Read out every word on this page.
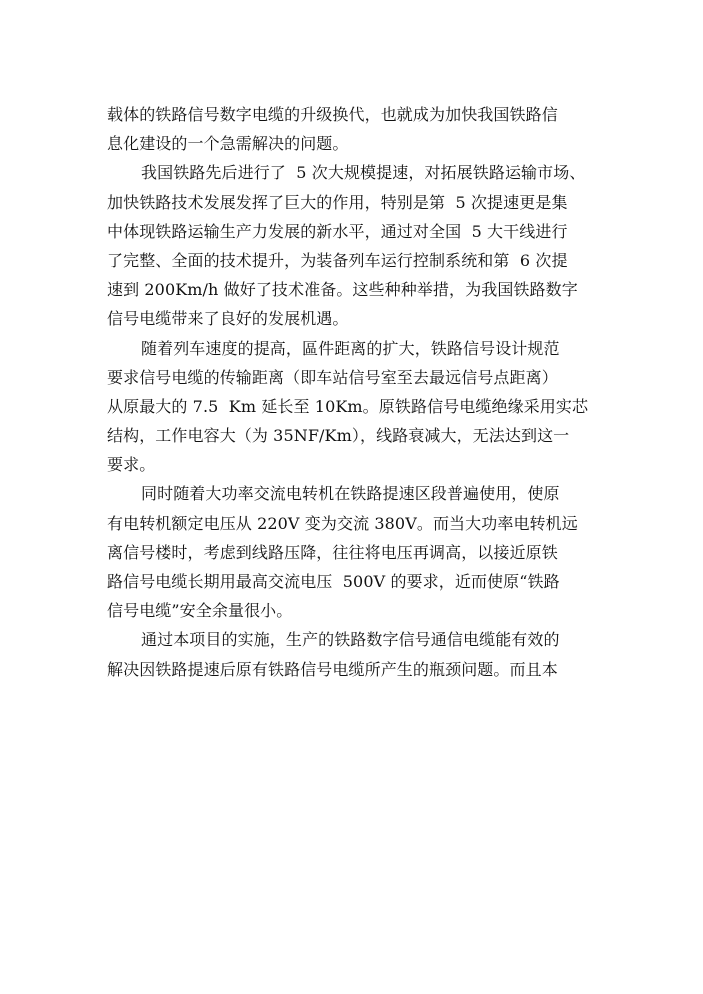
载体的铁路信号数字电缆的升级换代，也就成为加快我国铁路信
息化建设的一个急需解决的问题。

我国铁路先后进行了  5 次大规模提速，对拓展铁路运输市场、
加快铁路技术发展发挥了巨大的作用，特别是第  5 次提速更是集
中体现铁路运输生产力发展的新水平，通过对全国  5 大干线进行
了完整、全面的技术提升，为装备列车运行控制系统和第  6 次提
速到 200Km/h 做好了技术准备。这些种种举措，为我国铁路数字
信号电缆带来了良好的发展机遇。

随着列车速度的提高，區件距离的扩大，铁路信号设计规范
要求信号电缆的传输距离（即车站信号室至去最远信号点距离）
从原最大的 7.5  Km 延长至 10Km。原铁路信号电缆绝缘采用实芯
结构，工作电容大（为 35NF/Km），线路衰减大，无法达到这一
要求。

同时随着大功率交流电转机在铁路提速区段普遍使用，使原
有电转机额定电压从 220V 变为交流 380V。而当大功率电转机远
离信号楼时，考虑到线路压降，往往将电压再调高，以接近原铁
路信号电缆长期用最高交流电压  500V 的要求，近而使原“铁路
信号电缆”安全余量很小。

通过本项目的实施，生产的铁路数字信号通信电缆能有效的
解决因铁路提速后原有铁路信号电缆所产生的瓶颈问题。而且本
